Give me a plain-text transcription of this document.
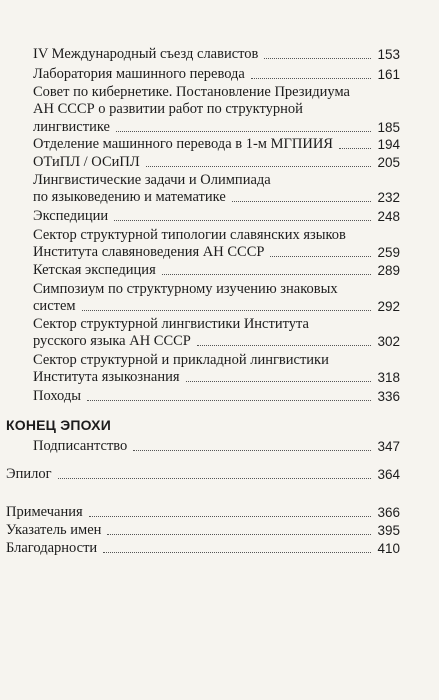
IV Международный съезд славистов	153
Лаборатория машинного перевода	161
Совет по кибернетике. Постановление Президиума
АН СССР о развитии работ по структурной
лингвистике	185
Отделение машинного перевода в 1-м МГПИИЯ	194
ОТиПЛ / ОСиПЛ	205
Лингвистические задачи и Олимпиада
по языковедению и математике	232
Экспедиции	248
Сектор структурной типологии славянских языков
Института славяноведения АН СССР	259
Кетская экспедиция	289
Симпозиум по структурному изучению знаковых
систем	292
Сектор структурной лингвистики Института
русского языка АН СССР	302
Сектор структурной и прикладной лингвистики
Института языкознания	318
Походы	336
КОНЕЦ ЭПОХИ
Подписантство	347
Эпилог	364
Примечания	366
Указатель имен	395
Благодарности	410
